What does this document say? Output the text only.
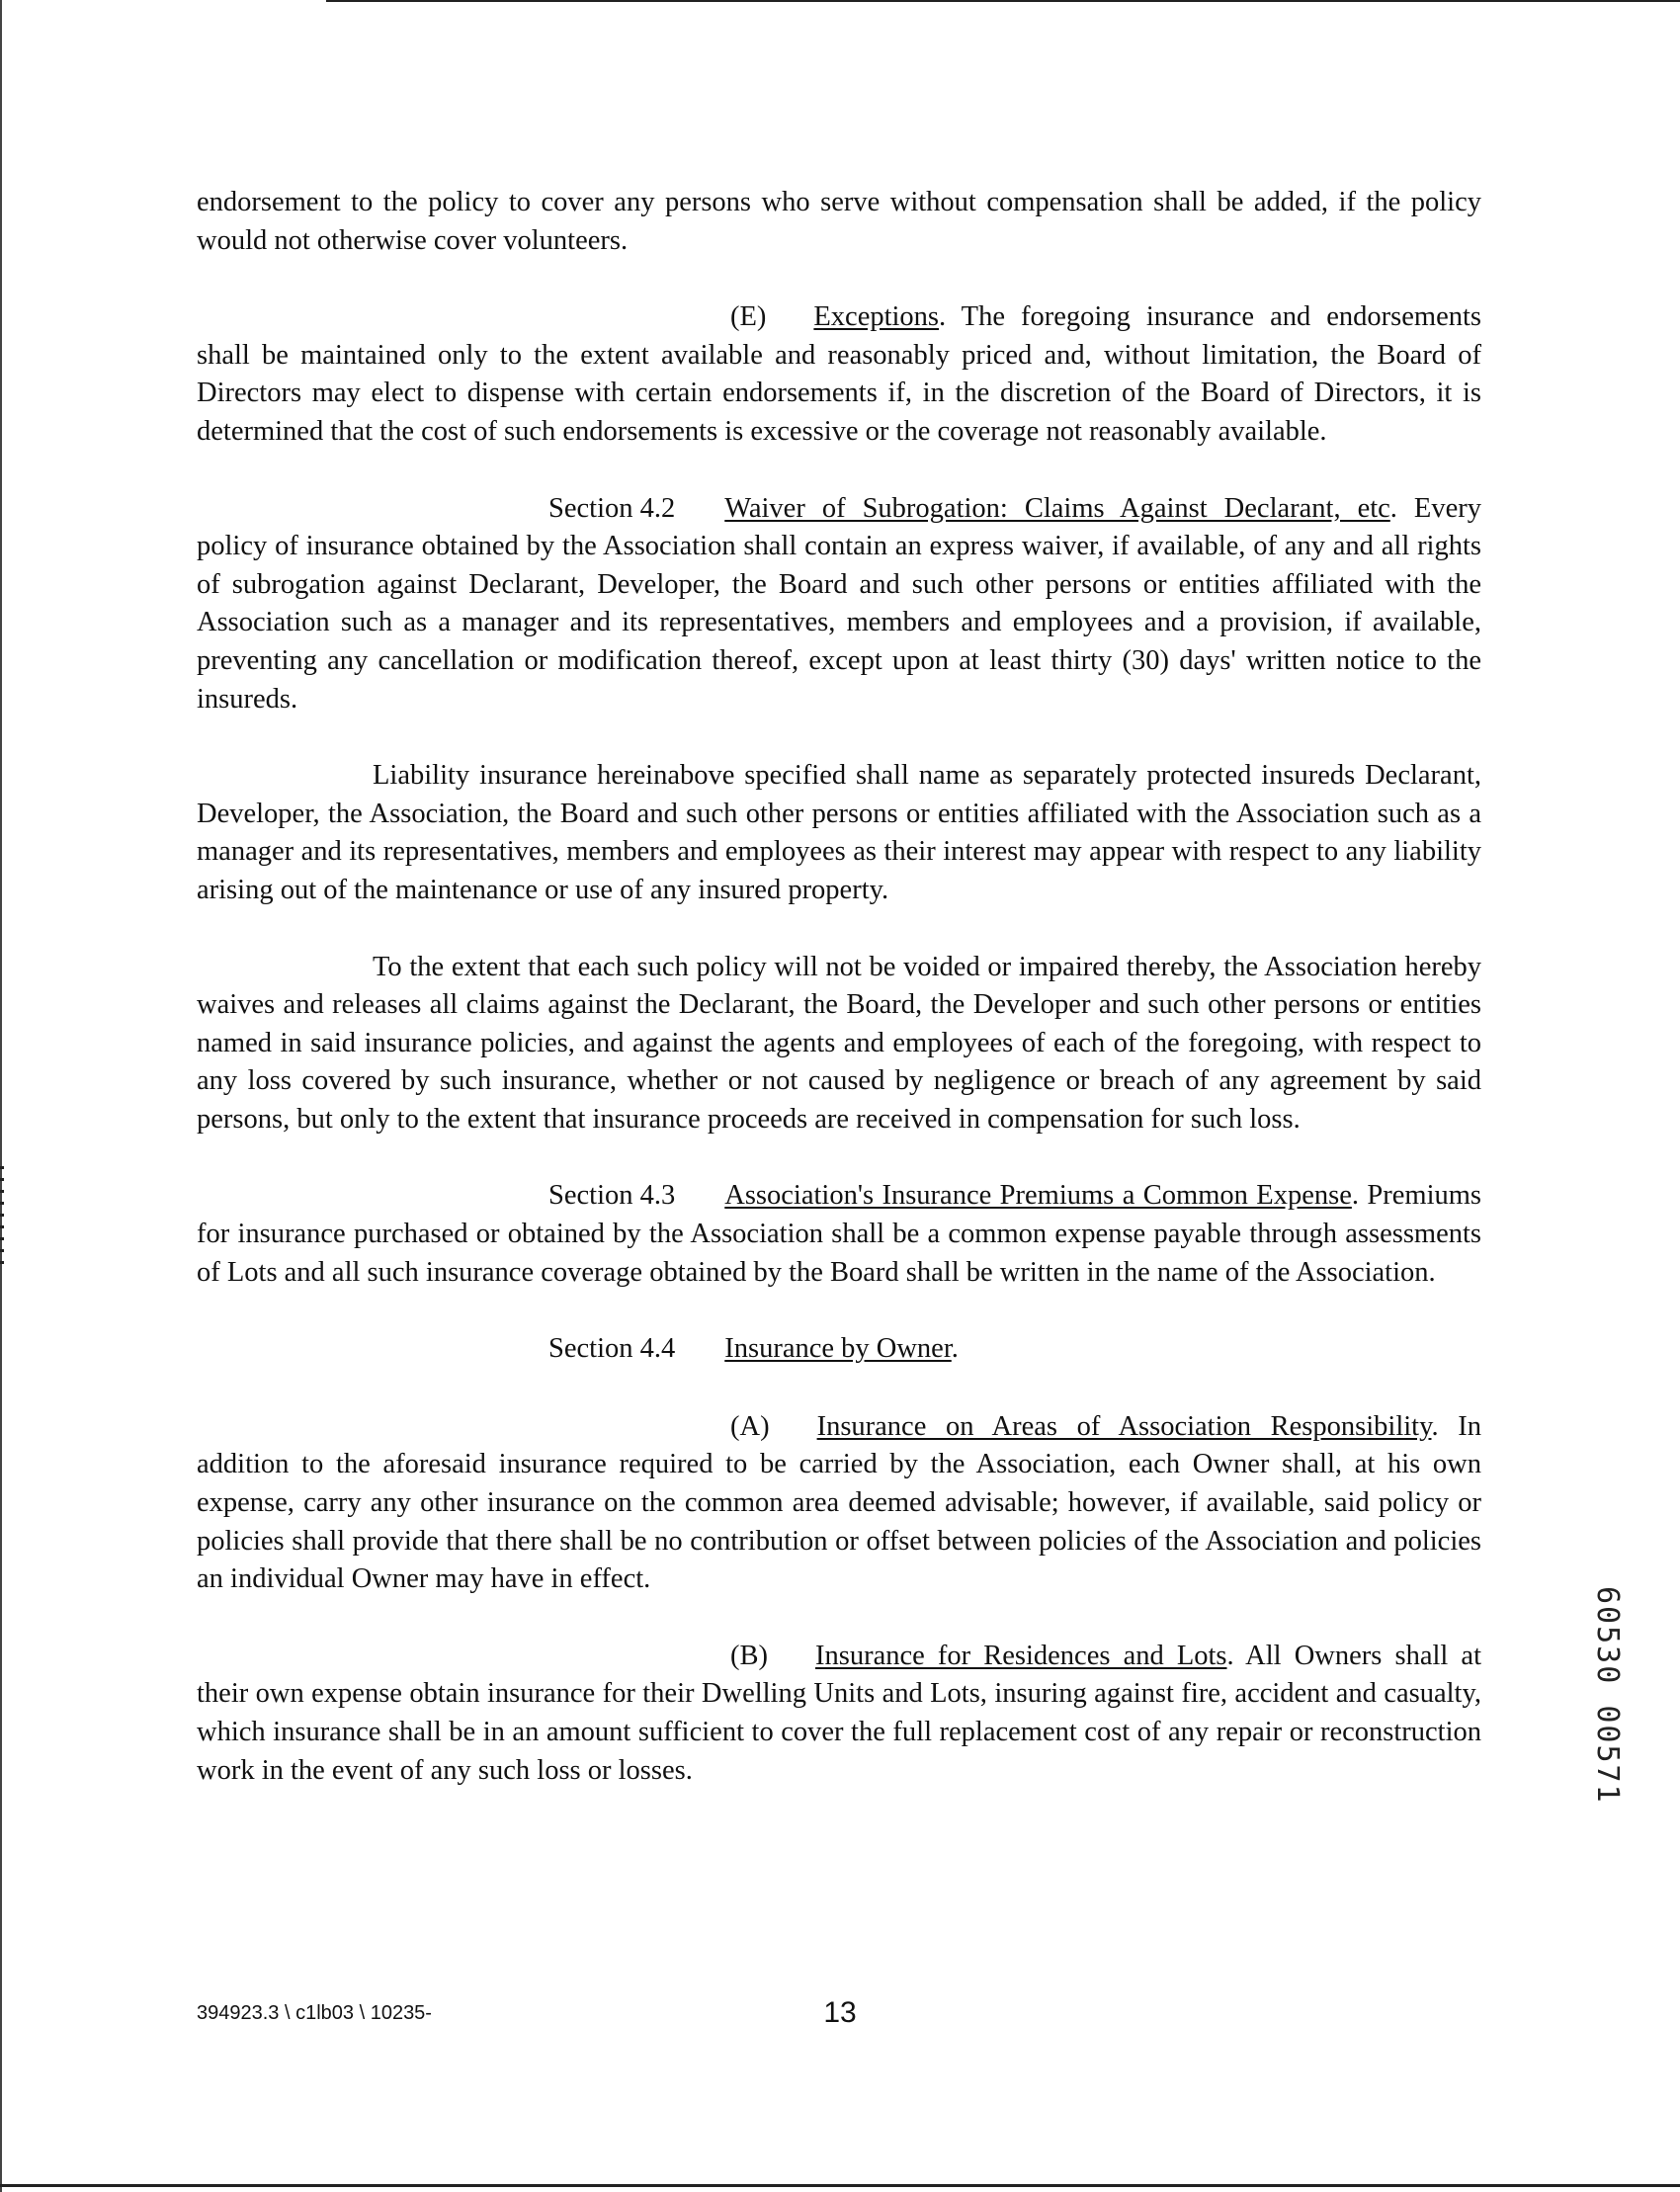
endorsement to the policy to cover any persons who serve without compensation shall be added, if the policy would not otherwise cover volunteers.

(E) Exceptions. The foregoing insurance and endorsements shall be maintained only to the extent available and reasonably priced and, without limitation, the Board of Directors may elect to dispense with certain endorsements if, in the discretion of the Board of Directors, it is determined that the cost of such endorsements is excessive or the coverage not reasonably available.

Section 4.2 Waiver of Subrogation: Claims Against Declarant, etc. Every policy of insurance obtained by the Association shall contain an express waiver, if available, of any and all rights of subrogation against Declarant, Developer, the Board and such other persons or entities affiliated with the Association such as a manager and its representatives, members and employees and a provision, if available, preventing any cancellation or modification thereof, except upon at least thirty (30) days' written notice to the insureds.

Liability insurance hereinabove specified shall name as separately protected insureds Declarant, Developer, the Association, the Board and such other persons or entities affiliated with the Association such as a manager and its representatives, members and employees as their interest may appear with respect to any liability arising out of the maintenance or use of any insured property.

To the extent that each such policy will not be voided or impaired thereby, the Association hereby waives and releases all claims against the Declarant, the Board, the Developer and such other persons or entities named in said insurance policies, and against the agents and employees of each of the foregoing, with respect to any loss covered by such insurance, whether or not caused by negligence or breach of any agreement by said persons, but only to the extent that insurance proceeds are received in compensation for such loss.

Section 4.3 Association's Insurance Premiums a Common Expense. Premiums for insurance purchased or obtained by the Association shall be a common expense payable through assessments of Lots and all such insurance coverage obtained by the Board shall be written in the name of the Association.

Section 4.4 Insurance by Owner.

(A) Insurance on Areas of Association Responsibility. In addition to the aforesaid insurance required to be carried by the Association, each Owner shall, at his own expense, carry any other insurance on the common area deemed advisable; however, if available, said policy or policies shall provide that there shall be no contribution or offset between policies of the Association and policies an individual Owner may have in effect.

(B) Insurance for Residences and Lots. All Owners shall at their own expense obtain insurance for their Dwelling Units and Lots, insuring against fire, accident and casualty, which insurance shall be in an amount sufficient to cover the full replacement cost of any repair or reconstruction work in the event of any such loss or losses.

394923.3 \ c1lb03 \ 10235-	13
60530 00571
